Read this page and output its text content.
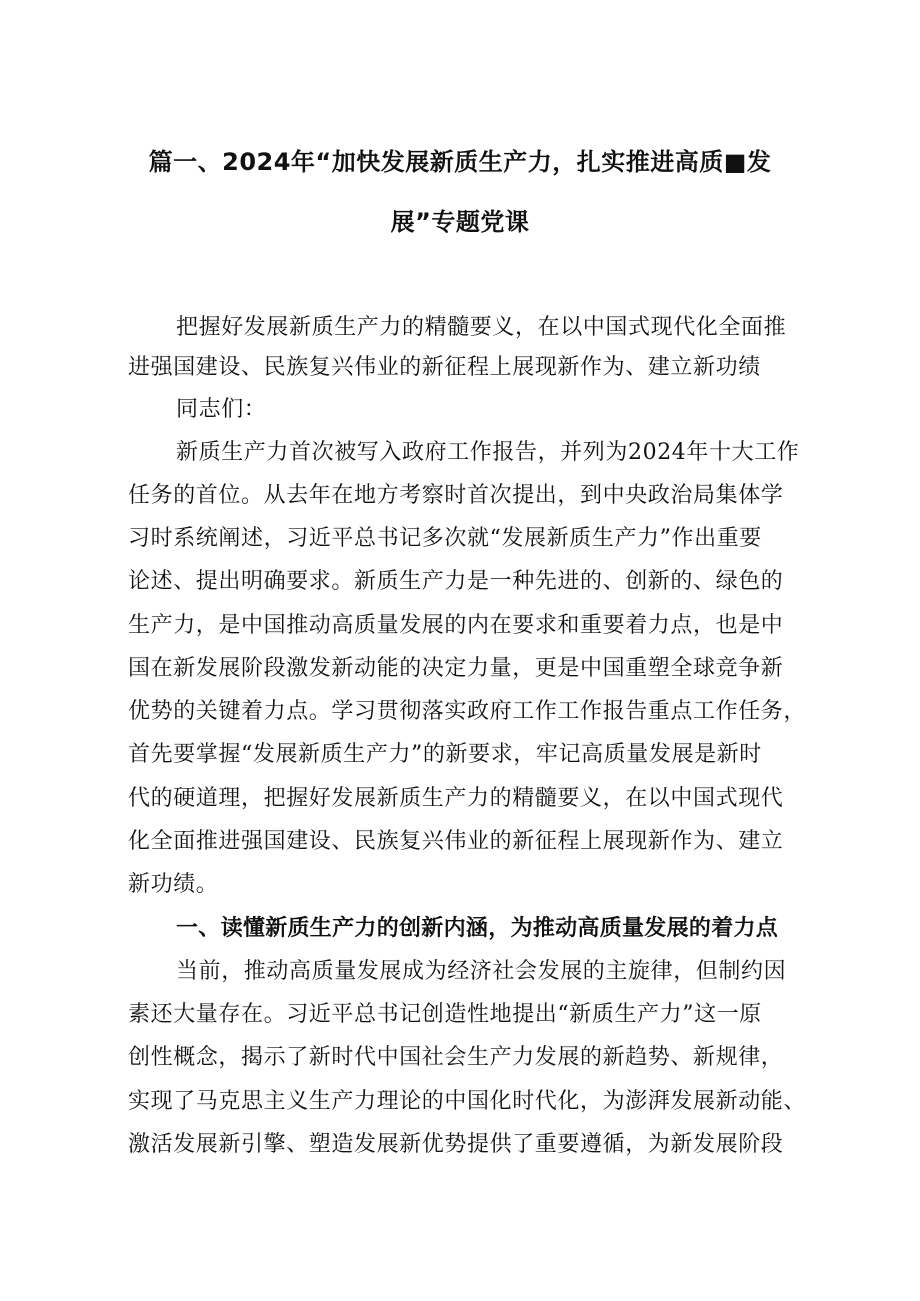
篇一、2024年“加快发展新质生产力，扎实推进高质■发
展”专题党课
把握好发展新质生产力的精髓要义，在以中国式现代化全面推
进强国建设、民族复兴伟业的新征程上展现新作为、建立新功绩
同志们：
新质生产力首次被写入政府工作报告，并列为2024年十大工作
任务的首位。从去年在地方考察时首次提出，到中央政治局集体学
习时系统阐述，习近平总书记多次就“发展新质生产力”作出重要
论述、提出明确要求。新质生产力是一种先进的、创新的、绿色的
生产力，是中国推动高质量发展的内在要求和重要着力点，也是中
国在新发展阶段激发新动能的决定力量，更是中国重塑全球竞争新
优势的关键着力点。学习贯彻落实政府工作工作报告重点工作任务，
首先要掌握“发展新质生产力”的新要求，牢记高质量发展是新时
代的硬道理，把握好发展新质生产力的精髓要义，在以中国式现代
化全面推进强国建设、民族复兴伟业的新征程上展现新作为、建立
新功绩。
一、读懂新质生产力的创新内涵，为推动高质量发展的着力点
当前，推动高质量发展成为经济社会发展的主旋律，但制约因
素还大量存在。习近平总书记创造性地提出“新质生产力”这一原
创性概念，揭示了新时代中国社会生产力发展的新趋势、新规律，
实现了马克思主义生产力理论的中国化时代化，为澎湃发展新动能、
激活发展新引擎、塑造发展新优势提供了重要遵循，为新发展阶段
